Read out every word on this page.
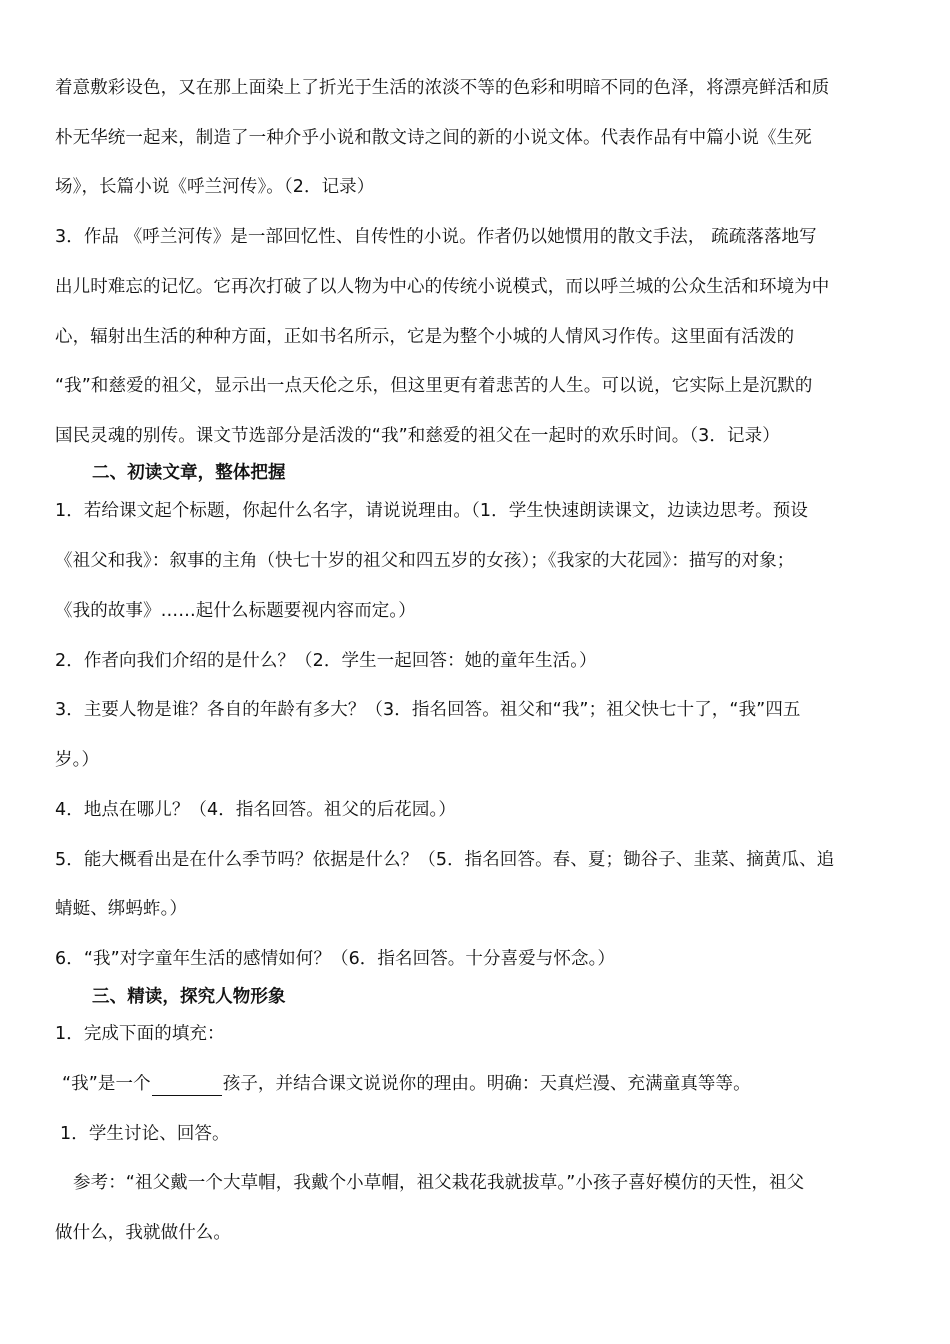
着意敷彩设色，又在那上面染上了折光于生活的浓淡不等的色彩和明暗不同的色泽，将漂亮鲜活和质
朴无华统一起来，制造了一种介乎小说和散文诗之间的新的小说文体。代表作品有中篇小说《生死
场》，长篇小说《呼兰河传》。（2．记录）
3．作品 《呼兰河传》是一部回忆性、自传性的小说。作者仍以她惯用的散文手法， 疏疏落落地写
出儿时难忘的记忆。它再次打破了以人物为中心的传统小说模式，而以呼兰城的公众生活和环境为中
心，辐射出生活的种种方面，正如书名所示，它是为整个小城的人情风习作传。这里面有活泼的
“我”和慈爱的祖父，显示出一点天伦之乐，但这里更有着悲苦的人生。可以说，它实际上是沉默的
国民灵魂的别传。课文节选部分是活泼的“我”和慈爱的祖父在一起时的欢乐时间。（3．记录）
二、初读文章，整体把握
1．若给课文起个标题，你起什么名字，请说说理由。（1．学生快速朗读课文，边读边思考。预设
《祖父和我》：叙事的主角（快七十岁的祖父和四五岁的女孩）；《我家的大花园》：描写的对象；
《我的故事》……起什么标题要视内容而定。）
2．作者向我们介绍的是什么？（2．学生一起回答：她的童年生活。）
3．主要人物是谁？各自的年龄有多大？（3．指名回答。祖父和“我”；祖父快七十了，“我”四五
岁。）
4．地点在哪儿？（4．指名回答。祖父的后花园。）
5．能大概看出是在什么季节吗？依据是什么？（5．指名回答。春、夏；锄谷子、韭菜、摘黄瓜、追
蜻蜓、绑蚂蚱。）
6．“我”对字童年生活的感情如何？（6．指名回答。十分喜爱与怀念。）
三、精读，探究人物形象
1．完成下面的填充：
“我”是一个	孩子，并结合课文说说你的理由。明确：天真烂漫、充满童真等等。
1．学生讨论、回答。
参考：“祖父戴一个大草帽，我戴个小草帽，祖父栽花我就拔草。”小孩子喜好模仿的天性，祖父
做什么，我就做什么。
